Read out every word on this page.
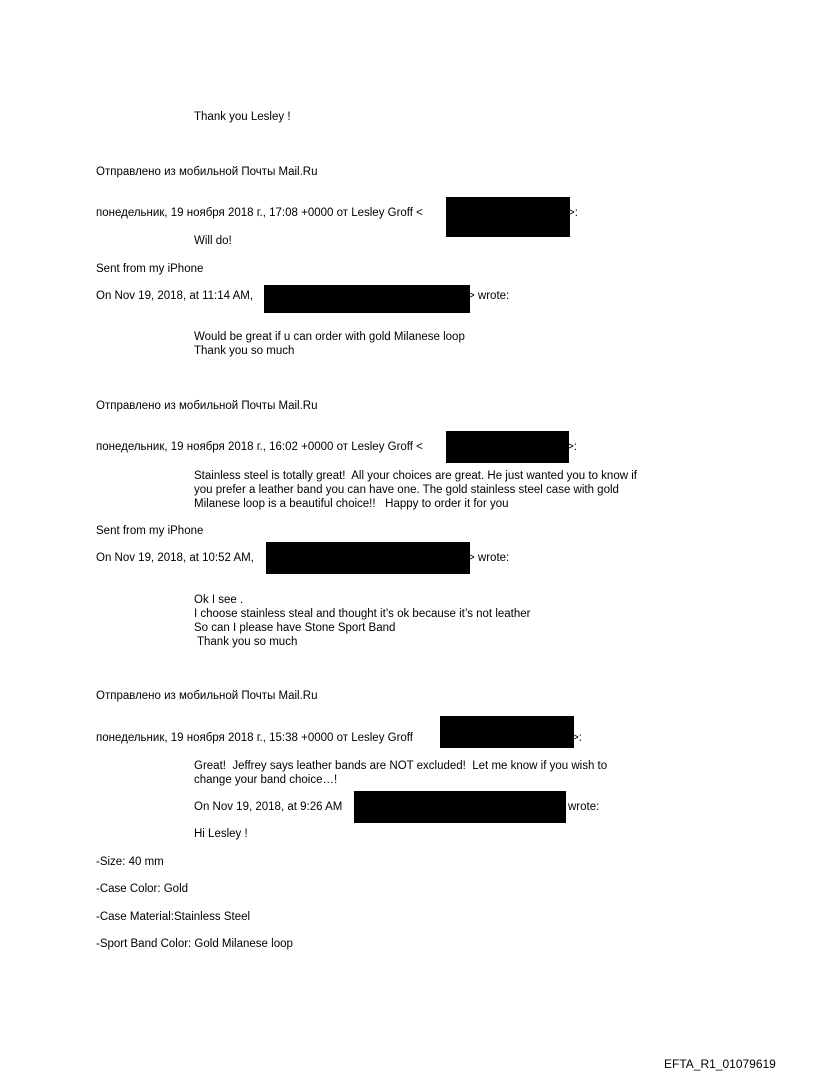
Thank you Lesley !
Отправлено из мобильной Почты Mail.Ru
понедельник, 19 ноября 2018 г., 17:08 +0000 от Lesley Groff <	>:
Will do!
Sent from my iPhone
On Nov 19, 2018, at 11:14 AM,	> wrote:
Would be great if u can order with gold Milanese loop
Thank you so much
Отправлено из мобильной Почты Mail.Ru
понедельник, 19 ноября 2018 г., 16:02 +0000 от Lesley Groff <	>:
Stainless steel is totally great!  All your choices are great. He just wanted you to know if
you prefer a leather band you can have one. The gold stainless steel case with gold
Milanese loop is a beautiful choice!!   Happy to order it for you
Sent from my iPhone
On Nov 19, 2018, at 10:52 AM,	> wrote:
Ok I see .
I choose stainless steal and thought it’s ok because it’s not leather
So can I please have Stone Sport Band
Thank you so much
Отправлено из мобильной Почты Mail.Ru
понедельник, 19 ноября 2018 г., 15:38 +0000 от Lesley Groff	>:
Great!  Jeffrey says leather bands are NOT excluded!  Let me know if you wish to
change your band choice…!
On Nov 19, 2018, at 9:26 AM	wrote:
Hi Lesley !
-Size: 40 mm
-Case Color: Gold
-Case Material:Stainless Steel
-Sport Band Color: Gold Milanese loop
EFTA_R1_01079619
